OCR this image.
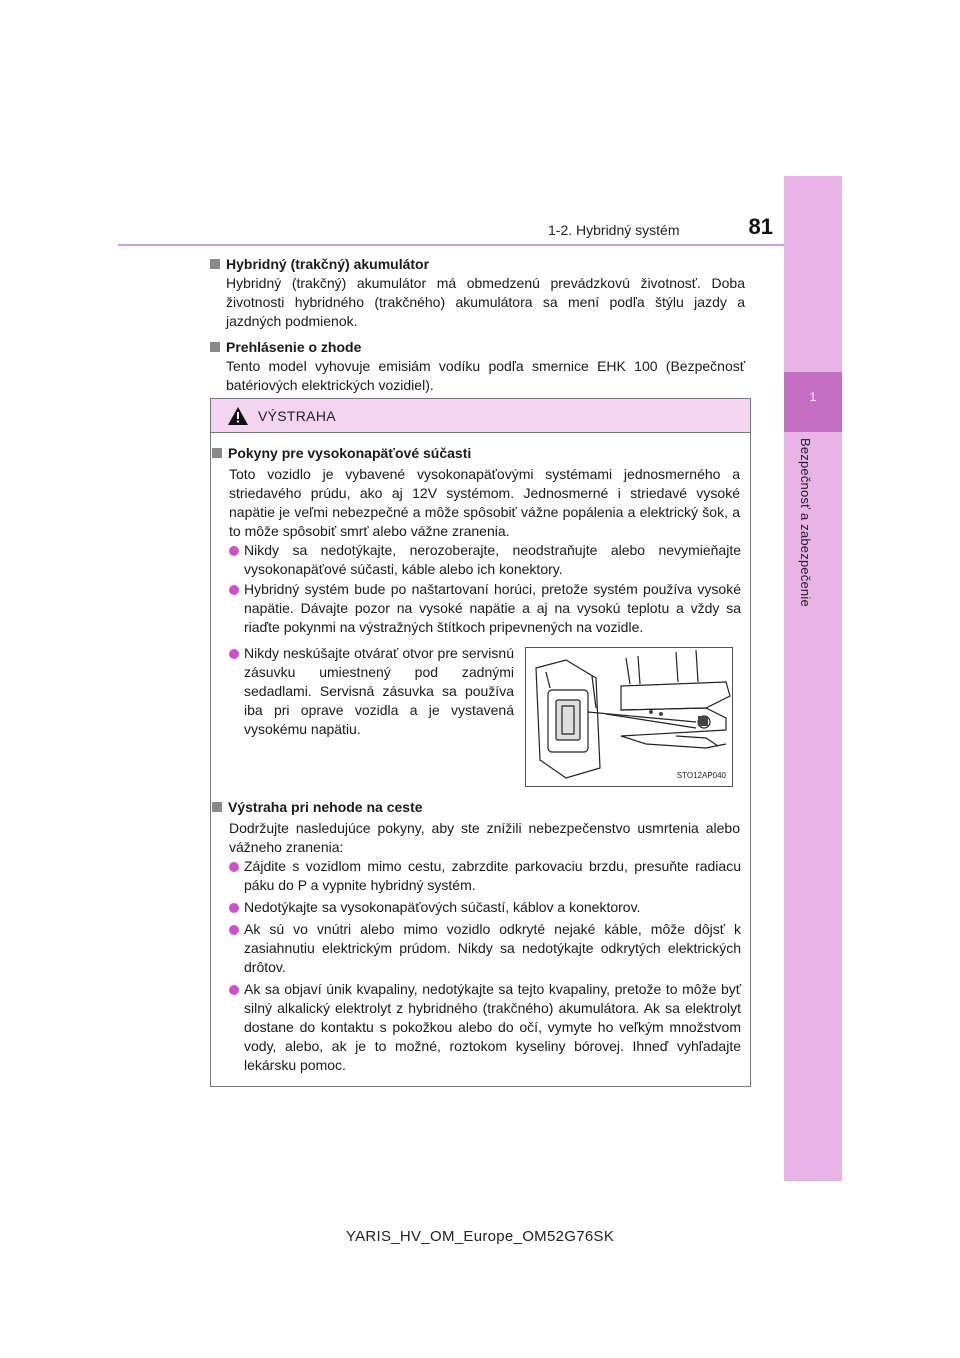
1
Bezpečnosť a zabezpečenie
1-2. Hybridný systém	81
Hybridný (trakčný) akumulátor
Hybridný (trakčný) akumulátor má obmedzenú prevádzkovú životnosť. Doba životnosti hybridného (trakčného) akumulátora sa mení podľa štýlu jazdy a jazdných podmienok.
Prehlásenie o zhode
Tento model vyhovuje emisiám vodíku podľa smernice EHK 100 (Bezpečnosť batériových elektrických vozidiel).
VÝSTRAHA
Pokyny pre vysokonapäťové súčasti
Toto vozidlo je vybavené vysokonapäťovými systémami jednosmerného a striedavého prúdu, ako aj 12V systémom. Jednosmerné i striedavé vysoké napätie je veľmi nebezpečné a môže spôsobiť vážne popálenia a elektrický šok, a to môže spôsobiť smrť alebo vážne zranenia.
Nikdy sa nedotýkajte, nerozoberajte, neodstraňujte alebo nevymieňajte vysokonapäťové súčasti, káble alebo ich konektory.
Hybridný systém bude po naštartovaní horúci, pretože systém používa vysoké napätie. Dávajte pozor na vysoké napätie a aj na vysokú teplotu a vždy sa riaďte pokynmi na výstražných štítkoch pripevnených na vozidle.
Nikdy neskúšajte otvárať otvor pre servisnú zásuvku umiestnený pod zadnými sedadlami. Servisná zásuvka sa používa iba pri oprave vozidla a je vystavená vysokému napätiu.
STO12AP040
Výstraha pri nehode na ceste
Dodržujte nasledujúce pokyny, aby ste znížili nebezpečenstvo usmrtenia alebo vážneho zranenia:
Zájdite s vozidlom mimo cestu, zabrzdite parkovaciu brzdu, presuňte radiacu páku do P a vypnite hybridný systém.
Nedotýkajte sa vysokonapäťových súčastí, káblov a konektorov.
Ak sú vo vnútri alebo mimo vozidlo odkryté nejaké káble, môže dôjsť k zasiahnutiu elektrickým prúdom. Nikdy sa nedotýkajte odkrytých elektrických drôtov.
Ak sa objaví únik kvapaliny, nedotýkajte sa tejto kvapaliny, pretože to môže byť silný alkalický elektrolyt z hybridného (trakčného) akumulátora. Ak sa elektrolyt dostane do kontaktu s pokožkou alebo do očí, vymyte ho veľkým množstvom vody, alebo, ak je to možné, roztokom kyseliny bórovej. Ihneď vyhľadajte lekársku pomoc.
YARIS_HV_OM_Europe_OM52G76SK
